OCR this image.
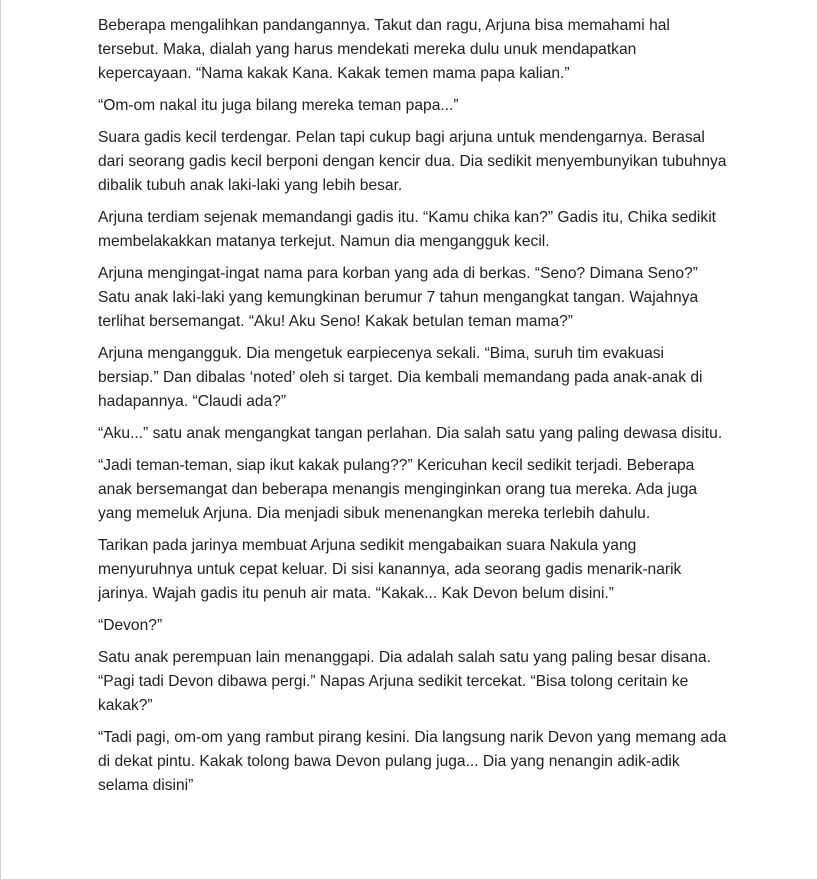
Beberapa mengalihkan pandangannya. Takut dan ragu, Arjuna bisa memahami hal tersebut. Maka, dialah yang harus mendekati mereka dulu unuk mendapatkan kepercayaan. “Nama kakak Kana. Kakak temen mama papa kalian.”

“Om-om nakal itu juga bilang mereka teman papa...”

Suara gadis kecil terdengar. Pelan tapi cukup bagi arjuna untuk mendengarnya. Berasal dari seorang gadis kecil berponi dengan kencir dua. Dia sedikit menyembunyikan tubuhnya dibalik tubuh anak laki-laki yang lebih besar.

Arjuna terdiam sejenak memandangi gadis itu. “Kamu chika kan?” Gadis itu, Chika sedikit membelakakkan matanya terkejut. Namun dia mengangguk kecil.

Arjuna mengingat-ingat nama para korban yang ada di berkas. “Seno? Dimana Seno?” Satu anak laki-laki yang kemungkinan berumur 7 tahun mengangkat tangan. Wajahnya terlihat bersemangat. “Aku! Aku Seno! Kakak betulan teman mama?”

Arjuna mengangguk. Dia mengetuk earpiecenya sekali. “Bima, suruh tim evakuasi bersiap.” Dan dibalas ‘noted’ oleh si target. Dia kembali memandang pada anak-anak di hadapannya. “Claudi ada?”

“Aku...” satu anak mengangkat tangan perlahan. Dia salah satu yang paling dewasa disitu.

“Jadi teman-teman, siap ikut kakak pulang??” Kericuhan kecil sedikit terjadi. Beberapa anak bersemangat dan beberapa menangis menginginkan orang tua mereka. Ada juga yang memeluk Arjuna. Dia menjadi sibuk menenangkan mereka terlebih dahulu.

Tarikan pada jarinya membuat Arjuna sedikit mengabaikan suara Nakula yang menyuruhnya untuk cepat keluar. Di sisi kanannya, ada seorang gadis menarik-narik jarinya. Wajah gadis itu penuh air mata. “Kakak... Kak Devon belum disini.”

“Devon?”

Satu anak perempuan lain menanggapi. Dia adalah salah satu yang paling besar disana. “Pagi tadi Devon dibawa pergi.” Napas Arjuna sedikit tercekat. “Bisa tolong ceritain ke kakak?”

“Tadi pagi, om-om yang rambut pirang kesini. Dia langsung narik Devon yang memang ada di dekat pintu. Kakak tolong bawa Devon pulang juga... Dia yang nenangin adik-adik selama disini”
